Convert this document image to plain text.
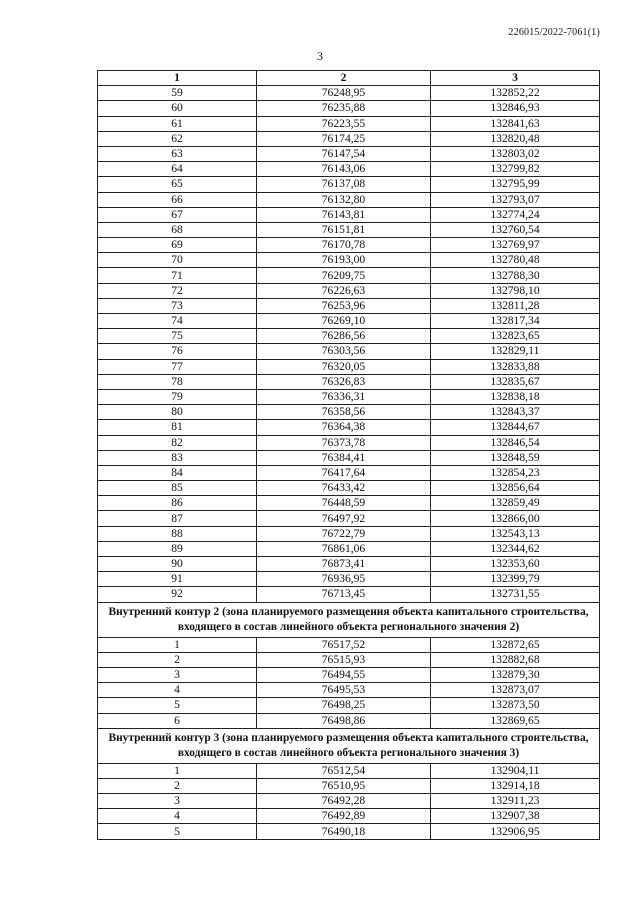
226015/2022-7061(1)
3
1	2	3
59	76248,95	132852,22
60	76235,88	132846,93
61	76223,55	132841,63
62	76174,25	132820,48
63	76147,54	132803,02
64	76143,06	132799,82
65	76137,08	132795,99
66	76132,80	132793,07
67	76143,81	132774,24
68	76151,81	132760,54
69	76170,78	132769,97
70	76193,00	132780,48
71	76209,75	132788,30
72	76226,63	132798,10
73	76253,96	132811,28
74	76269,10	132817,34
75	76286,56	132823,65
76	76303,56	132829,11
77	76320,05	132833,88
78	76326,83	132835,67
79	76336,31	132838,18
80	76358,56	132843,37
81	76364,38	132844,67
82	76373,78	132846,54
83	76384,41	132848,59
84	76417,64	132854,23
85	76433,42	132856,64
86	76448,59	132859,49
87	76497,92	132866,00
88	76722,79	132543,13
89	76861,06	132344,62
90	76873,41	132353,60
91	76936,95	132399,79
92	76713,45	132731,55
Внутренний контур 2 (зона планируемого размещения объекта капитального строительства, входящего в состав линейного объекта регионального значения 2)		
1	76517,52	132872,65
2	76515,93	132882,68
3	76494,55	132879,30
4	76495,53	132873,07
5	76498,25	132873,50
6	76498,86	132869,65
Внутренний контур 3 (зона планируемого размещения объекта капитального строительства, входящего в состав линейного объекта регионального значения 3)		
1	76512,54	132904,11
2	76510,95	132914,18
3	76492,28	132911,23
4	76492,89	132907,38
5	76490,18	132906,95
